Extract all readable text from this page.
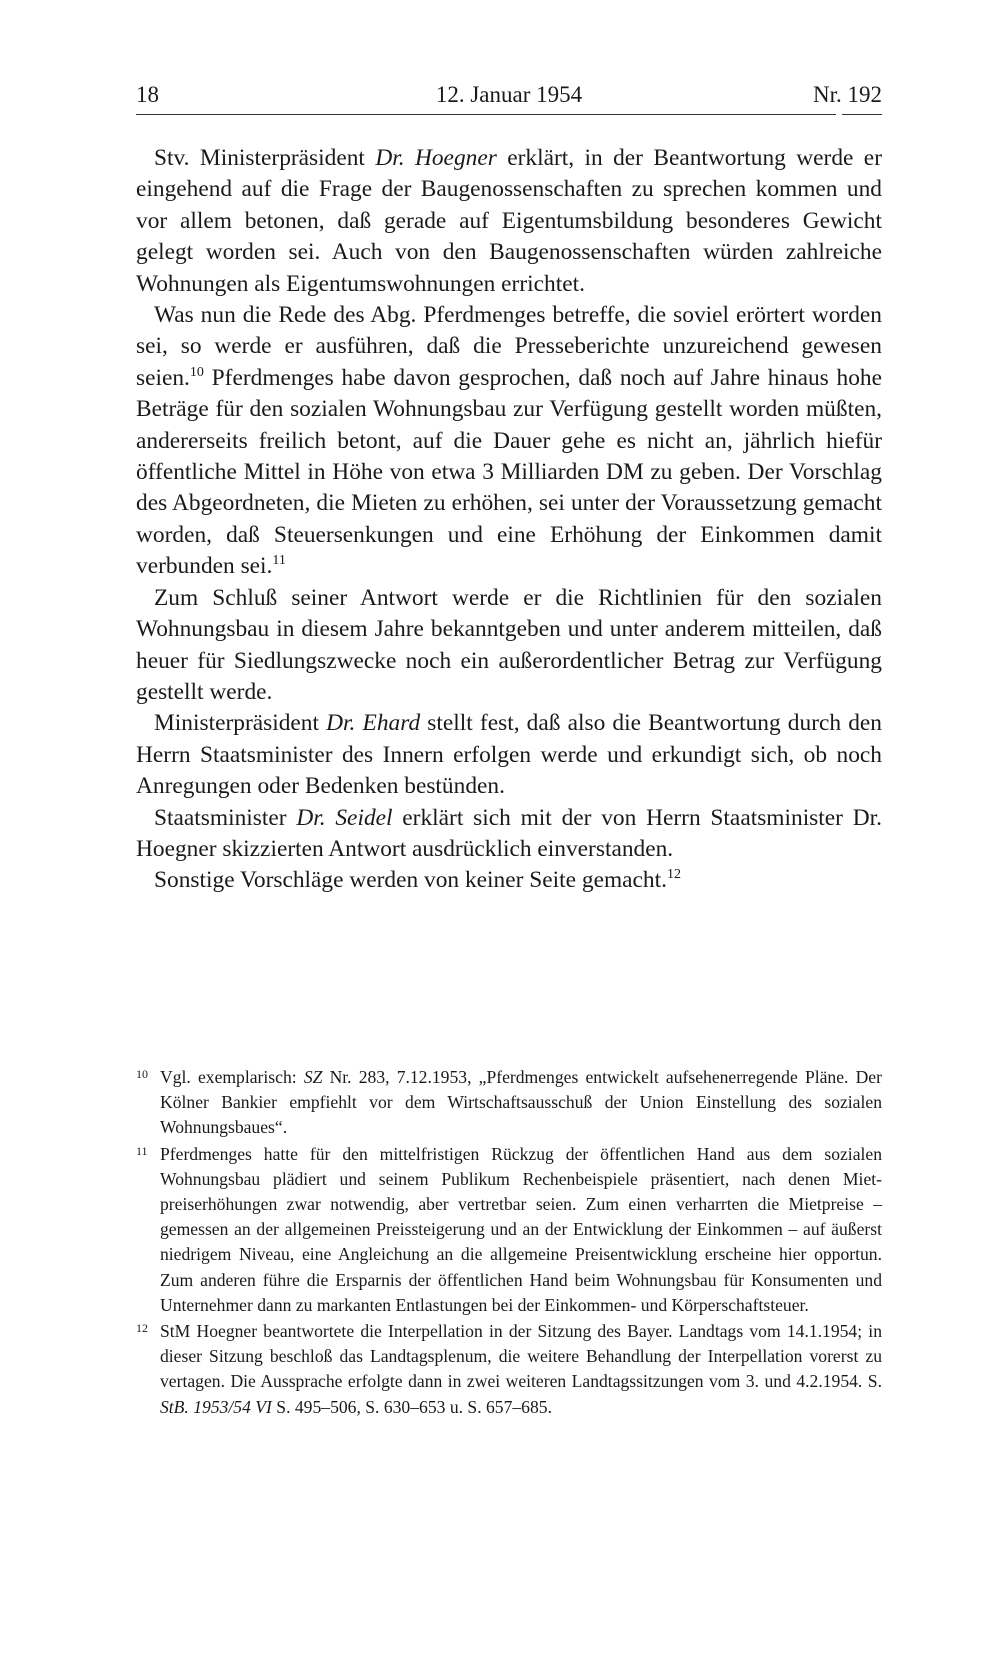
18	12. Januar 1954	Nr. 192

Stv. Ministerpräsident Dr. Hoegner erklärt, in der Beantwortung werde er eingehend auf die Frage der Baugenossenschaften zu sprechen kommen und vor allem betonen, daß gerade auf Eigentumsbildung besonderes Gewicht gelegt worden sei. Auch von den Baugenossenschaften würden zahlreiche Wohnungen als Eigentumswohnungen errichtet.

Was nun die Rede des Abg. Pferdmenges betreffe, die soviel erörtert worden sei, so werde er ausführen, daß die Presseberichte unzureichend gewesen seien.$^{10}$ Pferdmenges habe davon gesprochen, daß noch auf Jahre hinaus hohe Beträge für den sozialen Wohnungsbau zur Verfügung gestellt worden müßten, andererseits freilich betont, auf die Dauer gehe es nicht an, jährlich hiefür öffentliche Mittel in Höhe von etwa 3 Milliarden DM zu geben. Der Vorschlag des Abgeordneten, die Mieten zu erhöhen, sei unter der Voraussetzung gemacht worden, daß Steuersenkungen und eine Erhöhung der Einkommen damit verbunden sei.$^{11}$

Zum Schluß seiner Antwort werde er die Richtlinien für den sozialen Wohnungsbau in diesem Jahre bekanntgeben und unter anderem mitteilen, daß heuer für Siedlungszwecke noch ein außerordentlicher Betrag zur Verfügung gestellt werde.

Ministerpräsident Dr. Ehard stellt fest, daß also die Beantwortung durch den Herrn Staatsminister des Innern erfolgen werde und erkundigt sich, ob noch Anregungen oder Bedenken bestünden.

Staatsminister Dr. Seidel erklärt sich mit der von Herrn Staatsminister Dr. Hoegner skizzierten Antwort ausdrücklich einverstanden.

Sonstige Vorschläge werden von keiner Seite gemacht.$^{12}$

10 Vgl. exemplarisch: SZ Nr. 283, 7.12.1953, „Pferdmenges entwickelt aufsehenerregende Pläne. Der Kölner Bankier empfiehlt vor dem Wirtschaftsausschuß der Union Einstellung des sozialen Wohnungsbaues“.
11 Pferdmenges hatte für den mittelfristigen Rückzug der öffentlichen Hand aus dem sozialen Wohnungsbau plädiert und seinem Publikum Rechenbeispiele präsentiert, nach denen Mietpreiserhöhungen zwar notwendig, aber vertretbar seien. Zum einen verharrten die Mietpreise – gemessen an der allgemeinen Preissteigerung und an der Entwicklung der Einkommen – auf äußerst niedrigem Niveau, eine Angleichung an die allgemeine Preisentwicklung erscheine hier opportun. Zum anderen führe die Ersparnis der öffentlichen Hand beim Wohnungsbau für Konsumenten und Unternehmer dann zu markanten Entlastungen bei der Einkommen- und Körperschaftsteuer.
12 StM Hoegner beantwortete die Interpellation in der Sitzung des Bayer. Landtags vom 14.1.1954; in dieser Sitzung beschloß das Landtagsplenum, die weitere Behandlung der Interpellation vorerst zu vertagen. Die Aussprache erfolgte dann in zwei weiteren Landtagssitzungen vom 3. und 4.2.1954. S. StB. 1953/54 VI S. 495–506, S. 630–653 u. S. 657–685.
